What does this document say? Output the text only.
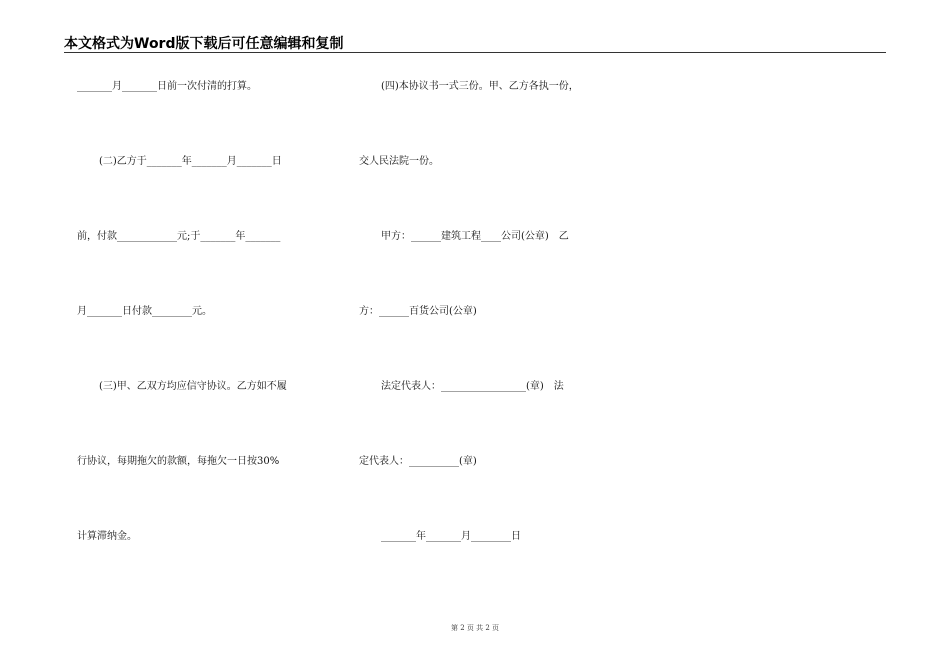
本文格式为Word版下载后可任意编辑和复制
_______月_______日前一次付清的打算。
(二)乙方于_______年_______月_______日
前，付款____________元;于_______年_______
月_______日付款________元。
(三)甲、乙双方均应信守协议。乙方如不履
行协议，每期拖欠的款额，每拖欠一日按30%
计算滞纳金。
(四)本协议书一式三份。甲、乙方各执一份，
交人民法院一份。
甲方：______建筑工程____公司(公章)　乙
方：______百货公司(公章)
法定代表人：_________________(章)　法
定代表人：__________(章)
_______年_______月________日
第 2 页 共 2 页
